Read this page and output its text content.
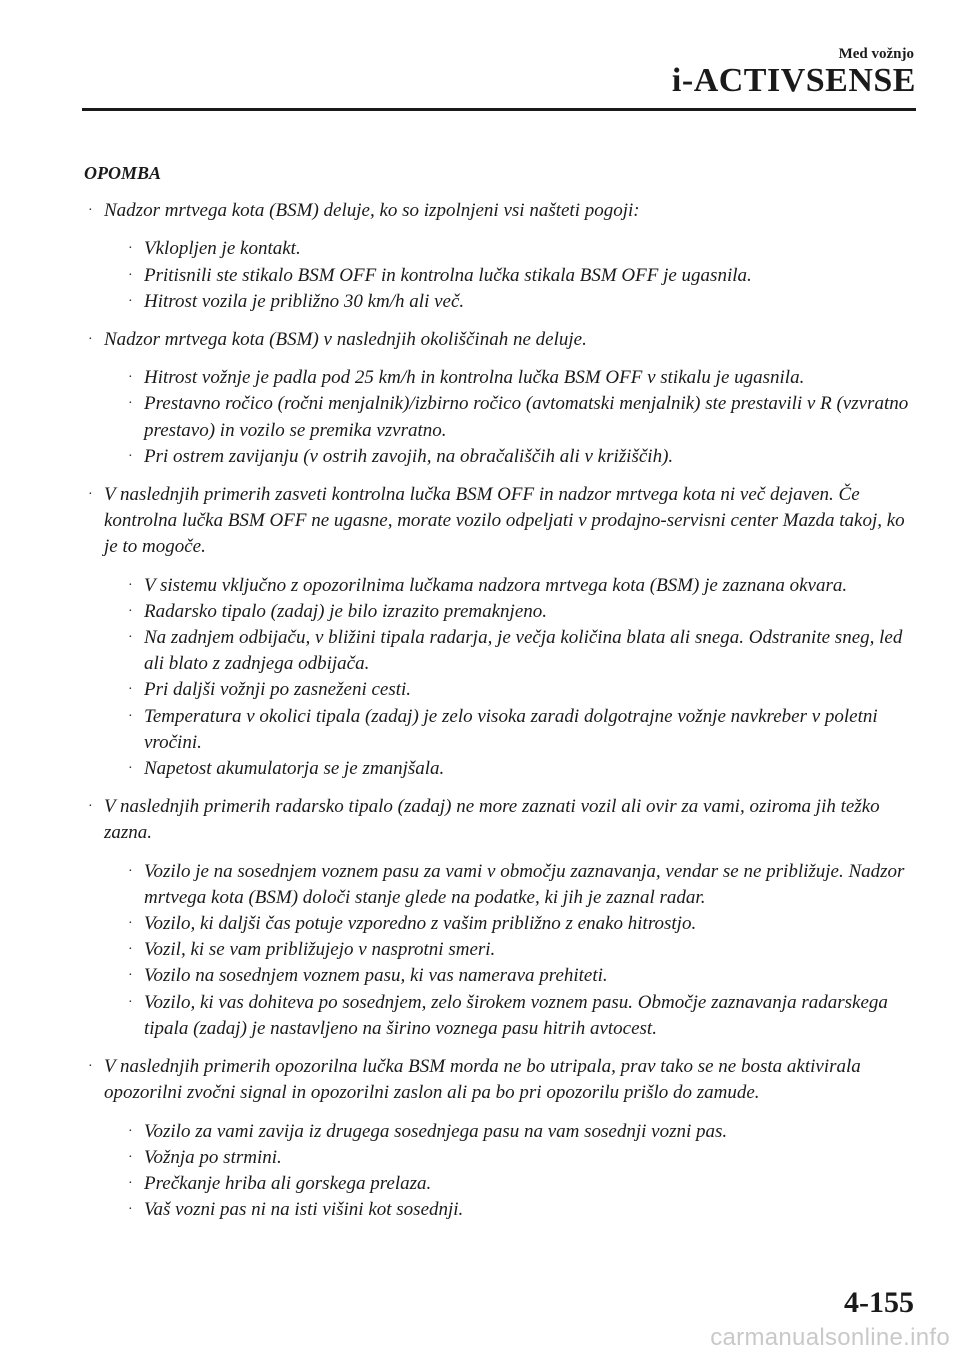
Med vožnjo
i-ACTIVSENSE
OPOMBA
· Nadzor mrtvega kota (BSM) deluje, ko so izpolnjeni vsi našteti pogoji:
· Vklopljen je kontakt.
· Pritisnili ste stikalo BSM OFF in kontrolna lučka stikala BSM OFF je ugasnila.
· Hitrost vozila je približno 30 km/h ali več.
· Nadzor mrtvega kota (BSM) v naslednjih okoliščinah ne deluje.
· Hitrost vožnje je padla pod 25 km/h in kontrolna lučka BSM OFF v stikalu je ugasnila.
· Prestavno ročico (ročni menjalnik)/izbirno ročico (avtomatski menjalnik) ste prestavili v R (vzvratno prestavo) in vozilo se premika vzvratno.
· Pri ostrem zavijanju (v ostrih zavojih, na obračališčih ali v križiščih).
· V naslednjih primerih zasveti kontrolna lučka BSM OFF in nadzor mrtvega kota ni več dejaven. Če kontrolna lučka BSM OFF ne ugasne, morate vozilo odpeljati v prodajno-servisni center Mazda takoj, ko je to mogoče.
· V sistemu vključno z opozorilnima lučkama nadzora mrtvega kota (BSM) je zaznana okvara.
· Radarsko tipalo (zadaj) je bilo izrazito premaknjeno.
· Na zadnjem odbijaču, v bližini tipala radarja, je večja količina blata ali snega. Odstranite sneg, led ali blato z zadnjega odbijača.
· Pri daljši vožnji po zasneženi cesti.
· Temperatura v okolici tipala (zadaj) je zelo visoka zaradi dolgotrajne vožnje navkreber v poletni vročini.
· Napetost akumulatorja se je zmanjšala.
· V naslednjih primerih radarsko tipalo (zadaj) ne more zaznati vozil ali ovir za vami, oziroma jih težko zazna.
· Vozilo je na sosednjem voznem pasu za vami v območju zaznavanja, vendar se ne približuje. Nadzor mrtvega kota (BSM) določi stanje glede na podatke, ki jih je zaznal radar.
· Vozilo, ki daljši čas potuje vzporedno z vašim približno z enako hitrostjo.
· Vozil, ki se vam približujejo v nasprotni smeri.
· Vozilo na sosednjem voznem pasu, ki vas namerava prehiteti.
· Vozilo, ki vas dohiteva po sosednjem, zelo širokem voznem pasu. Območje zaznavanja radarskega tipala (zadaj) je nastavljeno na širino voznega pasu hitrih avtocest.
· V naslednjih primerih opozorilna lučka BSM morda ne bo utripala, prav tako se ne bosta aktivirala opozorilni zvočni signal in opozorilni zaslon ali pa bo pri opozorilu prišlo do zamude.
· Vozilo za vami zavija iz drugega sosednjega pasu na vam sosednji vozni pas.
· Vožnja po strmini.
· Prečkanje hriba ali gorskega prelaza.
· Vaš vozni pas ni na isti višini kot sosednji.
4-155
carmanualsonline.info
